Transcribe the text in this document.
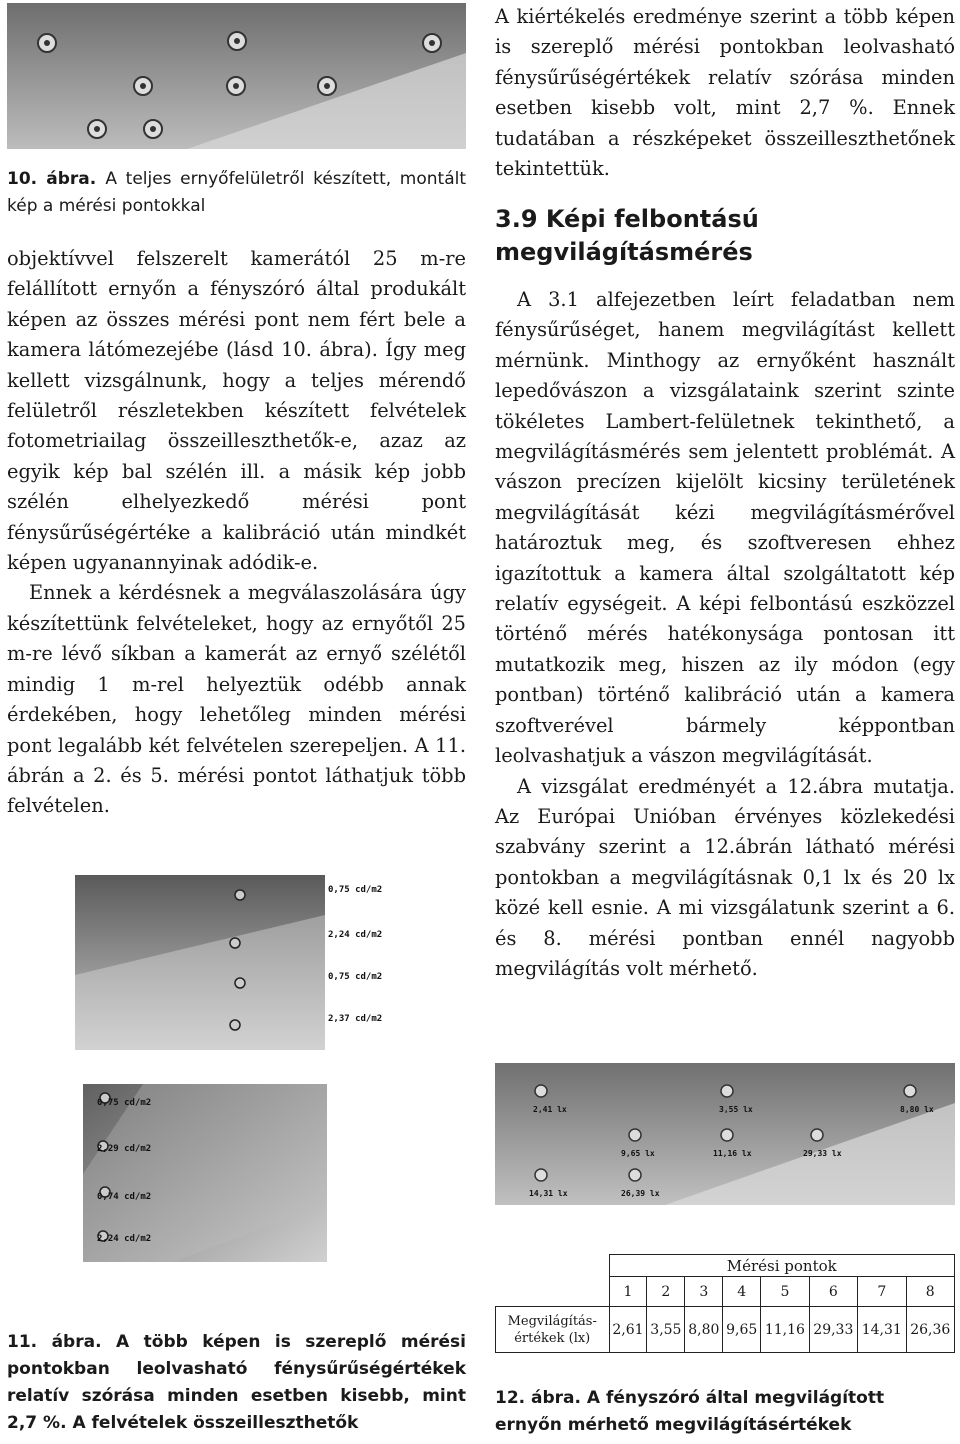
10. ábra. A teljes ernyőfelületről készített, montált kép a mérési pontokkal

objektívvel felszerelt kamerától 25 m-re felállított ernyőn a fényszóró által produkált képen az összes mérési pont nem fért bele a kamera látómezejébe (lásd 10. ábra). Így meg kellett vizsgálnunk, hogy a teljes mérendő felületről részletekben készített felvételek fotometriailag összeilleszthetők-e, azaz az egyik kép bal szélén ill. a másik kép jobb szélén elhelyezkedő mérési pont fénysűrűségértéke a kalibráció után mindkét képen ugyanannyinak adódik-e.

Ennek a kérdésnek a megválaszolására úgy készítettünk felvételeket, hogy az ernyőtől 25 m-re lévő síkban a kamerát az ernyő szélétől mindig 1 m-rel helyeztük odébb annak érdekében, hogy lehetőleg minden mérési pont legalább két felvételen szerepeljen. A 11. ábrán a 2. és 5. mérési pontot láthatjuk több felvételen.

0,75 cd/m2
2,24 cd/m2
0,75 cd/m2
2,37 cd/m2
0,75 cd/m2
2,29 cd/m2
0,74 cd/m2
2,24 cd/m2
11. ábra. A több képen is szereplő mérési pontokban leolvasható fénysűrűségértékek relatív szórása minden esetben kisebb, mint 2,7 %. A felvételek összeilleszthetők

A kiértékelés eredménye szerint a több képen is szereplő mérési pontokban leolvasható fénysűrűségértékek relatív szórása minden esetben kisebb volt, mint 2,7 %. Ennek tudatában a részképeket összeilleszthetőnek tekintettük.

3.9 Képi felbontású megvilágításmérés

A 3.1 alfejezetben leírt feladatban nem fénysűrűséget, hanem megvilágítást kellett mérnünk. Minthogy az ernyőként használt lepedővászon a vizsgálataink szerint szinte tökéletes Lambert-felületnek tekinthető, a megvilágításmérés sem jelentett problémát. A vászon precízen kijelölt kicsiny területének megvilágítását kézi megvilágításmérővel határoztuk meg, és szoftveresen ehhez igazítottuk a kamera által szolgáltatott kép relatív egységeit. A képi felbontású eszközzel történő mérés hatékonysága pontosan itt mutatkozik meg, hiszen az ily módon (egy pontban) történő kalibráció után a kamera szoftverével bármely képpontban leolvashatjuk a vászon megvilágítását.

A vizsgálat eredményét a 12.ábra mutatja. Az Európai Unióban érvényes közlekedési szabvány szerint a 12.ábrán látható mérési pontokban a megvilágításnak 0,1 lx és 20 lx közé kell esnie. A mi vizsgálatunk szerint a 6. és 8. mérési pontban ennél nagyobb megvilágítás volt mérhető.

2,41 lx	3,55 lx	8,80 lx
9,65 lx	11,16 lx	29,33 lx
14,31 lx	26,39 lx
	Mérési pontok							
	1	2	3	4	5	6	7	8
Megvilágítás-értékek (lx)	2,61	3,55	8,80	9,65	11,16	29,33	14,31	26,36
12. ábra. A fényszóró által megvilágított ernyőn mérhető megvilágításértékek
